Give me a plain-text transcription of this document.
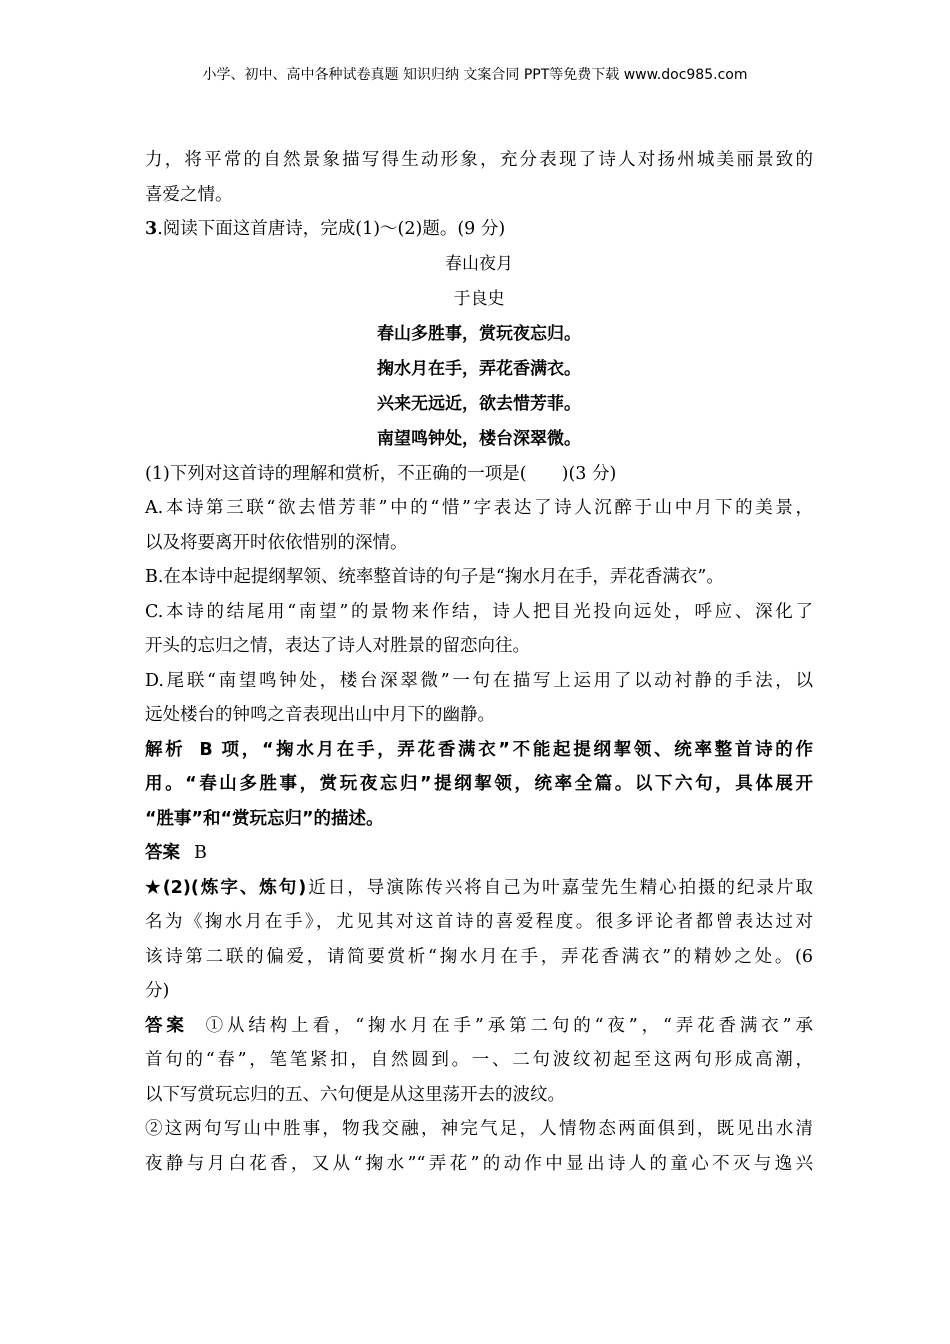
小学、初中、高中各种试卷真题 知识归纳 文案合同 PPT等免费下载 www.doc985.com
力，将平常的自然景象描写得生动形象，充分表现了诗人对扬州城美丽景致的
喜爱之情。
3.阅读下面这首唐诗，完成(1)～(2)题。(9 分)
春山夜月
于良史
春山多胜事，赏玩夜忘归。
掬水月在手，弄花香满衣。
兴来无远近，欲去惜芳菲。
南望鸣钟处，楼台深翠微。
(1)下列对这首诗的理解和赏析，不正确的一项是(　　)(3 分)
A.本诗第三联“欲去惜芳菲”中的“惜”字表达了诗人沉醉于山中月下的美景，
以及将要离开时依依惜别的深情。
B.在本诗中起提纲挈领、统率整首诗的句子是“掬水月在手，弄花香满衣”。
C.本诗的结尾用“南望”的景物来作结，诗人把目光投向远处，呼应、深化了
开头的忘归之情，表达了诗人对胜景的留恋向往。
D.尾联“南望鸣钟处，楼台深翠微”一句在描写上运用了以动衬静的手法，以
远处楼台的钟鸣之音表现出山中月下的幽静。
解析 B 项，“掬水月在手，弄花香满衣”不能起提纲挈领、统率整首诗的作
用。“春山多胜事，赏玩夜忘归”提纲挈领，统率全篇。以下六句，具体展开
“胜事”和“赏玩忘归”的描述。
答案 B
★(2)(炼字、炼句)近日，导演陈传兴将自己为叶嘉莹先生精心拍摄的纪录片取
名为《掬水月在手》，尤见其对这首诗的喜爱程度。很多评论者都曾表达过对
该诗第二联的偏爱，请简要赏析“掬水月在手，弄花香满衣”的精妙之处。(6
分)
答案 ①从结构上看，“掬水月在手”承第二句的“夜”，“弄花香满衣”承
首句的“春”，笔笔紧扣，自然圆到。一、二句波纹初起至这两句形成高潮，
以下写赏玩忘归的五、六句便是从这里荡开去的波纹。
②这两句写山中胜事，物我交融，神完气足，人情物态两面俱到，既见出水清
夜静与月白花香，又从“掬水”“弄花”的动作中显出诗人的童心不灭与逸兴
